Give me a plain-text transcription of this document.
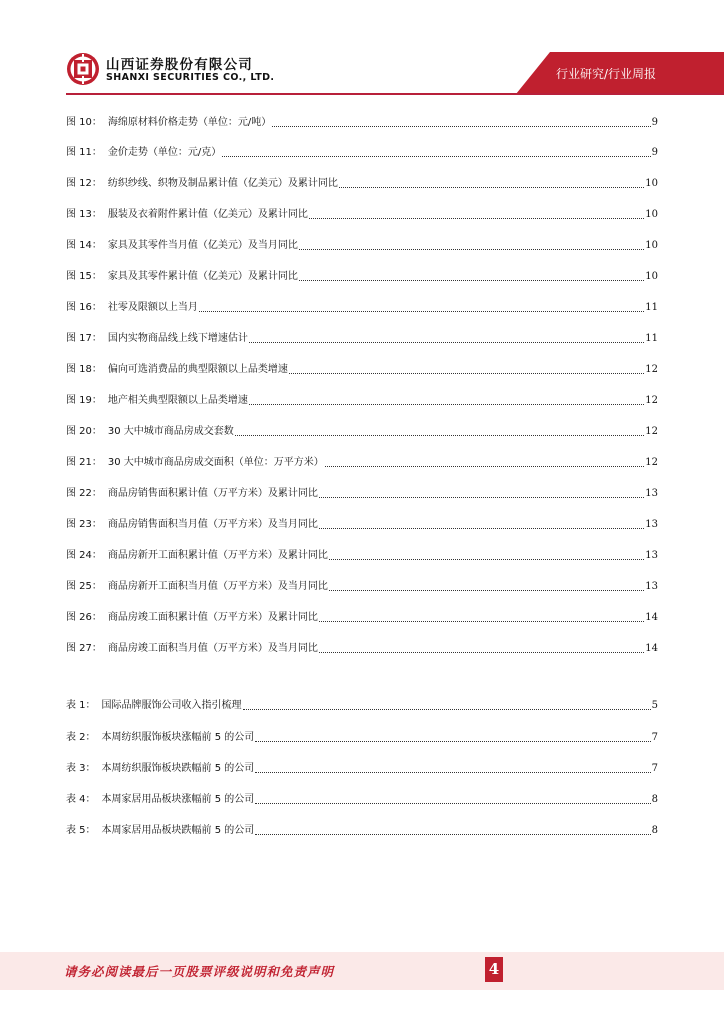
山西证券股份有限公司
SHANXI SECURITIES CO., LTD.	行业研究/行业周报
图 10： 海绵原材料价格走势（单位：元/吨）	9
图 11： 金价走势（单位：元/克）	9
图 12： 纺织纱线、织物及制品累计值（亿美元）及累计同比	10
图 13： 服装及衣着附件累计值（亿美元）及累计同比	10
图 14： 家具及其零件当月值（亿美元）及当月同比	10
图 15： 家具及其零件累计值（亿美元）及累计同比	10
图 16： 社零及限额以上当月	11
图 17： 国内实物商品线上线下增速估计	11
图 18： 偏向可选消费品的典型限额以上品类增速	12
图 19： 地产相关典型限额以上品类增速	12
图 20： 30 大中城市商品房成交套数	12
图 21： 30 大中城市商品房成交面积（单位：万平方米）	12
图 22： 商品房销售面积累计值（万平方米）及累计同比	13
图 23： 商品房销售面积当月值（万平方米）及当月同比	13
图 24： 商品房新开工面积累计值（万平方米）及累计同比	13
图 25： 商品房新开工面积当月值（万平方米）及当月同比	13
图 26： 商品房竣工面积累计值（万平方米）及累计同比	14
图 27： 商品房竣工面积当月值（万平方米）及当月同比	14
表 1： 国际品牌服饰公司收入指引梳理	5
表 2： 本周纺织服饰板块涨幅前 5 的公司	7
表 3： 本周纺织服饰板块跌幅前 5 的公司	7
表 4： 本周家居用品板块涨幅前 5 的公司	8
表 5： 本周家居用品板块跌幅前 5 的公司	8
请务必阅读最后一页股票评级说明和免责声明	4
